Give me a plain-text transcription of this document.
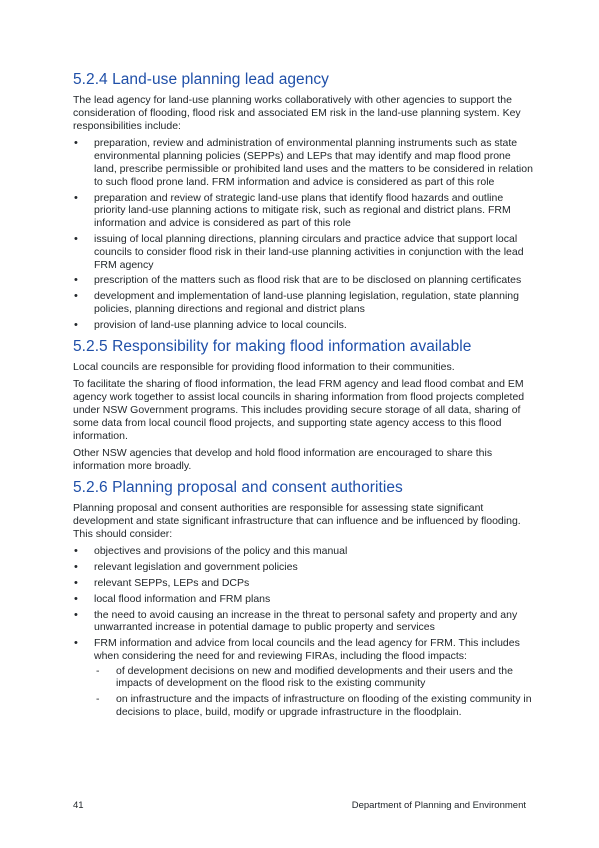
5.2.4 Land-use planning lead agency

The lead agency for land-use planning works collaboratively with other agencies to support the consideration of flooding, flood risk and associated EM risk in the land-use planning system. Key responsibilities include:

• preparation, review and administration of environmental planning instruments such as state environmental planning policies (SEPPs) and LEPs that may identify and map flood prone land, prescribe permissible or prohibited land uses and the matters to be considered in relation to such flood prone land. FRM information and advice is considered as part of this role
• preparation and review of strategic land-use plans that identify flood hazards and outline priority land-use planning actions to mitigate risk, such as regional and district plans. FRM information and advice is considered as part of this role
• issuing of local planning directions, planning circulars and practice advice that support local councils to consider flood risk in their land-use planning activities in conjunction with the lead FRM agency
• prescription of the matters such as flood risk that are to be disclosed on planning certificates
• development and implementation of land-use planning legislation, regulation, state planning policies, planning directions and regional and district plans
• provision of land-use planning advice to local councils.
5.2.5 Responsibility for making flood information available

Local councils are responsible for providing flood information to their communities.

To facilitate the sharing of flood information, the lead FRM agency and lead flood combat and EM agency work together to assist local councils in sharing information from flood projects completed under NSW Government programs. This includes providing secure storage of all data, sharing of some data from local council flood projects, and supporting state agency access to this flood information.

Other NSW agencies that develop and hold flood information are encouraged to share this information more broadly.

5.2.6 Planning proposal and consent authorities

Planning proposal and consent authorities are responsible for assessing state significant development and state significant infrastructure that can influence and be influenced by flooding. This should consider:

• objectives and provisions of the policy and this manual
• relevant legislation and government policies
• relevant SEPPs, LEPs and DCPs
• local flood information and FRM plans
• the need to avoid causing an increase in the threat to personal safety and property and any unwarranted increase in potential damage to public property and services
• FRM information and advice from local councils and the lead agency for FRM. This includes when considering the need for and reviewing FIRAs, including the flood impacts:
- of development decisions on new and modified developments and their users and the impacts of development on the flood risk to the existing community
- on infrastructure and the impacts of infrastructure on flooding of the existing community in decisions to place, build, modify or upgrade infrastructure in the floodplain.
41	Department of Planning and Environment
